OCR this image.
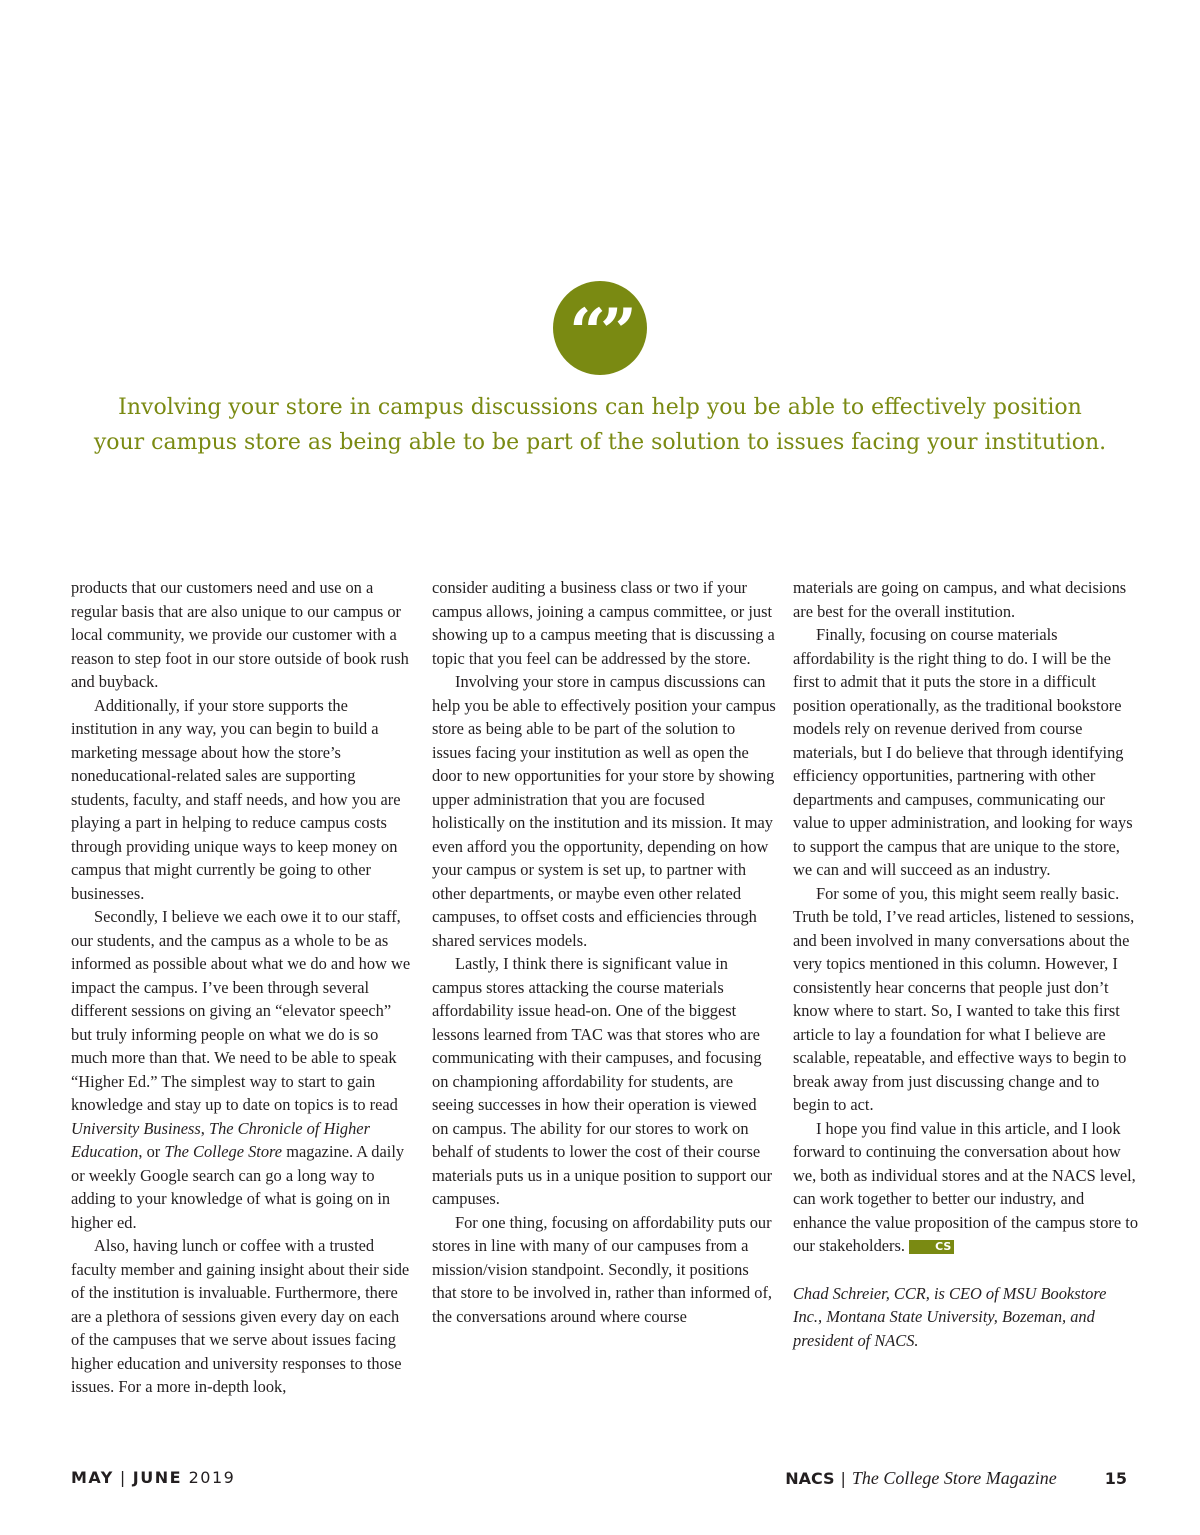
“”
Involving your store in campus discussions can help you be able to effectively position your campus store as being able to be part of the solution to issues facing your institution.

products that our customers need and use on a regular basis that are also unique to our campus or local community, we provide our customer with a reason to step foot in our store outside of book rush and buyback.

Additionally, if your store supports the institution in any way, you can begin to build a marketing message about how the store’s noneducational-related sales are supporting students, faculty, and staff needs, and how you are playing a part in helping to reduce campus costs through providing unique ways to keep money on campus that might currently be going to other businesses.

Secondly, I believe we each owe it to our staff, our students, and the campus as a whole to be as informed as possible about what we do and how we impact the campus. I’ve been through several different sessions on giving an “elevator speech” but truly informing people on what we do is so much more than that. We need to be able to speak “Higher Ed.” The simplest way to start to gain knowledge and stay up to date on topics is to read University Business, The Chronicle of Higher Education, or The College Store magazine. A daily or weekly Google search can go a long way to adding to your knowledge of what is going on in higher ed.

Also, having lunch or coffee with a trusted faculty member and gaining insight about their side of the institution is invaluable. Furthermore, there are a plethora of sessions given every day on each of the campuses that we serve about issues facing higher education and university responses to those issues. For a more in-depth look,

consider auditing a business class or two if your campus allows, joining a campus committee, or just showing up to a campus meeting that is discussing a topic that you feel can be addressed by the store.

Involving your store in campus discussions can help you be able to effectively position your campus store as being able to be part of the solution to issues facing your institution as well as open the door to new opportunities for your store by showing upper administration that you are focused holistically on the institution and its mission. It may even afford you the opportunity, depending on how your campus or system is set up, to partner with other departments, or maybe even other related campuses, to offset costs and efficiencies through shared services models.

Lastly, I think there is significant value in campus stores attacking the course materials affordability issue head-on. One of the biggest lessons learned from TAC was that stores who are communicating with their campuses, and focusing on championing affordability for students, are seeing successes in how their operation is viewed on campus. The ability for our stores to work on behalf of students to lower the cost of their course materials puts us in a unique position to support our campuses.

For one thing, focusing on affordability puts our stores in line with many of our campuses from a mission/vision standpoint. Secondly, it positions that store to be involved in, rather than informed of, the conversations around where course

materials are going on campus, and what decisions are best for the overall institution.

Finally, focusing on course materials affordability is the right thing to do. I will be the first to admit that it puts the store in a difficult position operationally, as the traditional bookstore models rely on revenue derived from course materials, but I do believe that through identifying efficiency opportunities, partnering with other departments and campuses, communicating our value to upper administration, and looking for ways to support the campus that are unique to the store, we can and will succeed as an industry.

For some of you, this might seem really basic. Truth be told, I’ve read articles, listened to sessions, and been involved in many conversations about the very topics mentioned in this column. However, I consistently hear concerns that people just don’t know where to start. So, I wanted to take this first article to lay a foundation for what I believe are scalable, repeatable, and effective ways to begin to break away from just discussing change and to begin to act.

I hope you find value in this article, and I look forward to continuing the conversation about how we, both as individual stores and at the NACS level, can work together to better our industry, and enhance the value proposition of the campus store to our stakeholders.	CS

Chad Schreier, CCR, is CEO of MSU Bookstore Inc., Montana State University, Bozeman, and president of NACS.

MAY | JUNE 2019	NACS | The College Store Magazine	15
